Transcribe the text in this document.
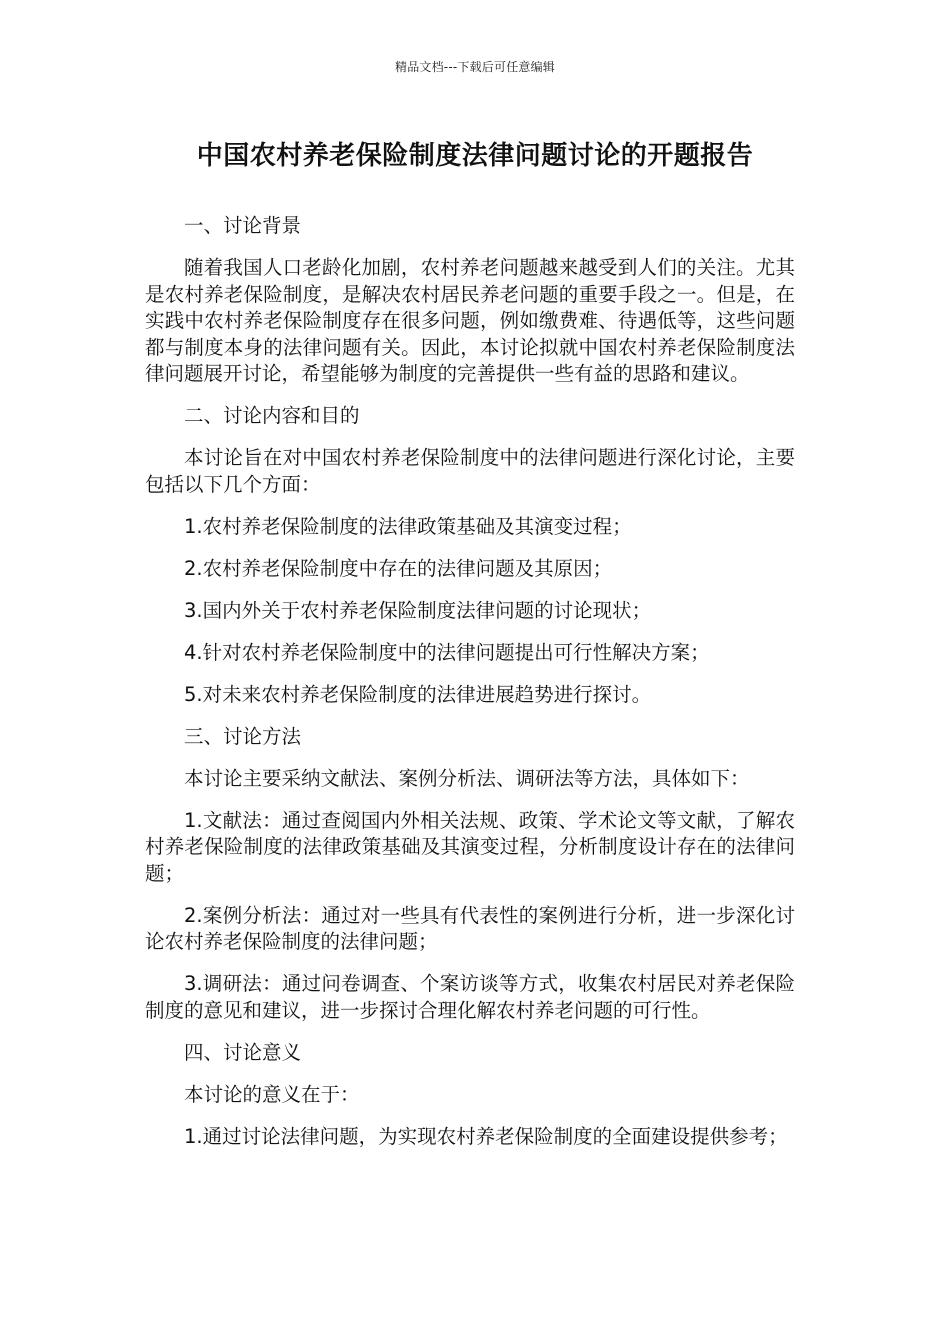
精品文档---下载后可任意编辑
中国农村养老保险制度法律问题讨论的开题报告

一、讨论背景

随着我国人口老龄化加剧，农村养老问题越来越受到人们的关注。尤其是农村养老保险制度，是解决农村居民养老问题的重要手段之一。但是，在实践中农村养老保险制度存在很多问题，例如缴费难、待遇低等，这些问题都与制度本身的法律问题有关。因此，本讨论拟就中国农村养老保险制度法律问题展开讨论，希望能够为制度的完善提供一些有益的思路和建议。

二、讨论内容和目的

本讨论旨在对中国农村养老保险制度中的法律问题进行深化讨论，主要包括以下几个方面：

1.农村养老保险制度的法律政策基础及其演变过程；

2.农村养老保险制度中存在的法律问题及其原因；

3.国内外关于农村养老保险制度法律问题的讨论现状；

4.针对农村养老保险制度中的法律问题提出可行性解决方案；

5.对未来农村养老保险制度的法律进展趋势进行探讨。

三、讨论方法

本讨论主要采纳文献法、案例分析法、调研法等方法，具体如下：

1.文献法：通过查阅国内外相关法规、政策、学术论文等文献，了解农村养老保险制度的法律政策基础及其演变过程，分析制度设计存在的法律问题；

2.案例分析法：通过对一些具有代表性的案例进行分析，进一步深化讨论农村养老保险制度的法律问题；

3.调研法：通过问卷调查、个案访谈等方式，收集农村居民对养老保险制度的意见和建议，进一步探讨合理化解农村养老问题的可行性。

四、讨论意义

本讨论的意义在于：

1.通过讨论法律问题，为实现农村养老保险制度的全面建设提供参考；
